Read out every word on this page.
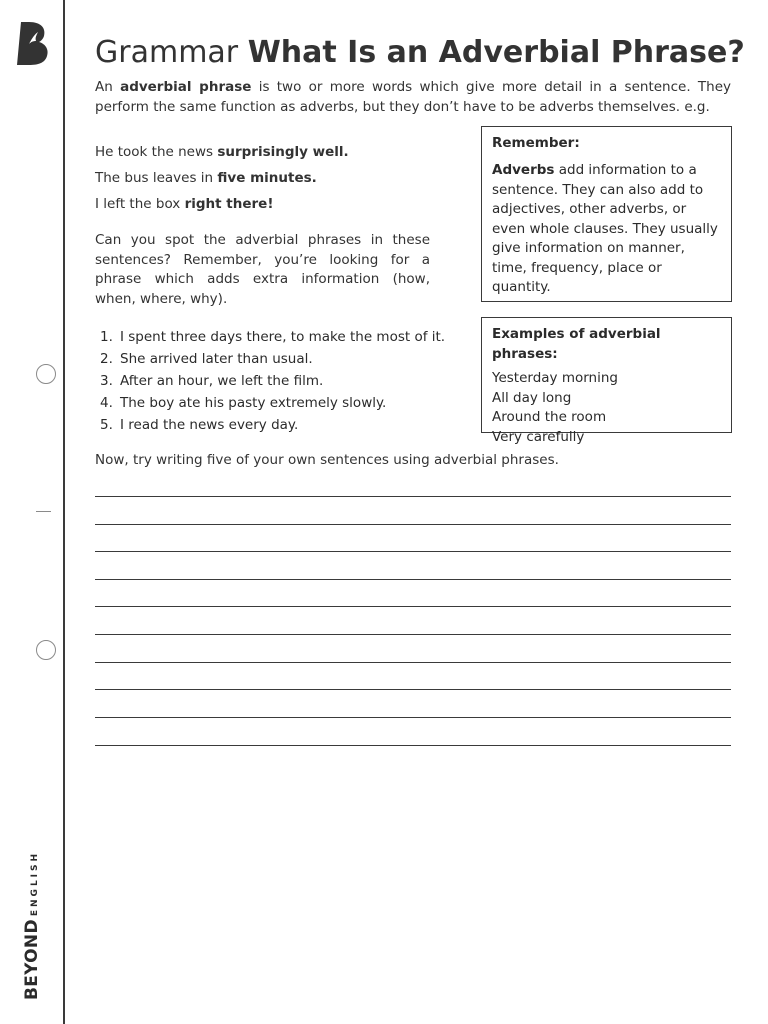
BEYONDENGLISH
Grammar What Is an Adverbial Phrase?
An adverbial phrase is two or more words which give more detail in a sentence. They perform the same function as adverbs, but they don’t have to be adverbs themselves. e.g.
He took the news surprisingly well.
The bus leaves in five minutes.
I left the box right there!
Can you spot the adverbial phrases in these sentences? Remember, you’re looking for a phrase which adds extra information (how, when, where, why).
1. I spent three days there, to make the most of it.
2. She arrived later than usual.
3. After an hour, we left the film.
4. The boy ate his pasty extremely slowly.
5. I read the news every day.
Remember:
Adverbs add information to a sentence. They can also add to adjectives, other adverbs, or even whole clauses. They usually give information on manner, time, frequency, place or quantity.
Examples of adverbial phrases:
Yesterday morning
All day long
Around the room
Very carefully
Now, try writing five of your own sentences using adverbial phrases.
